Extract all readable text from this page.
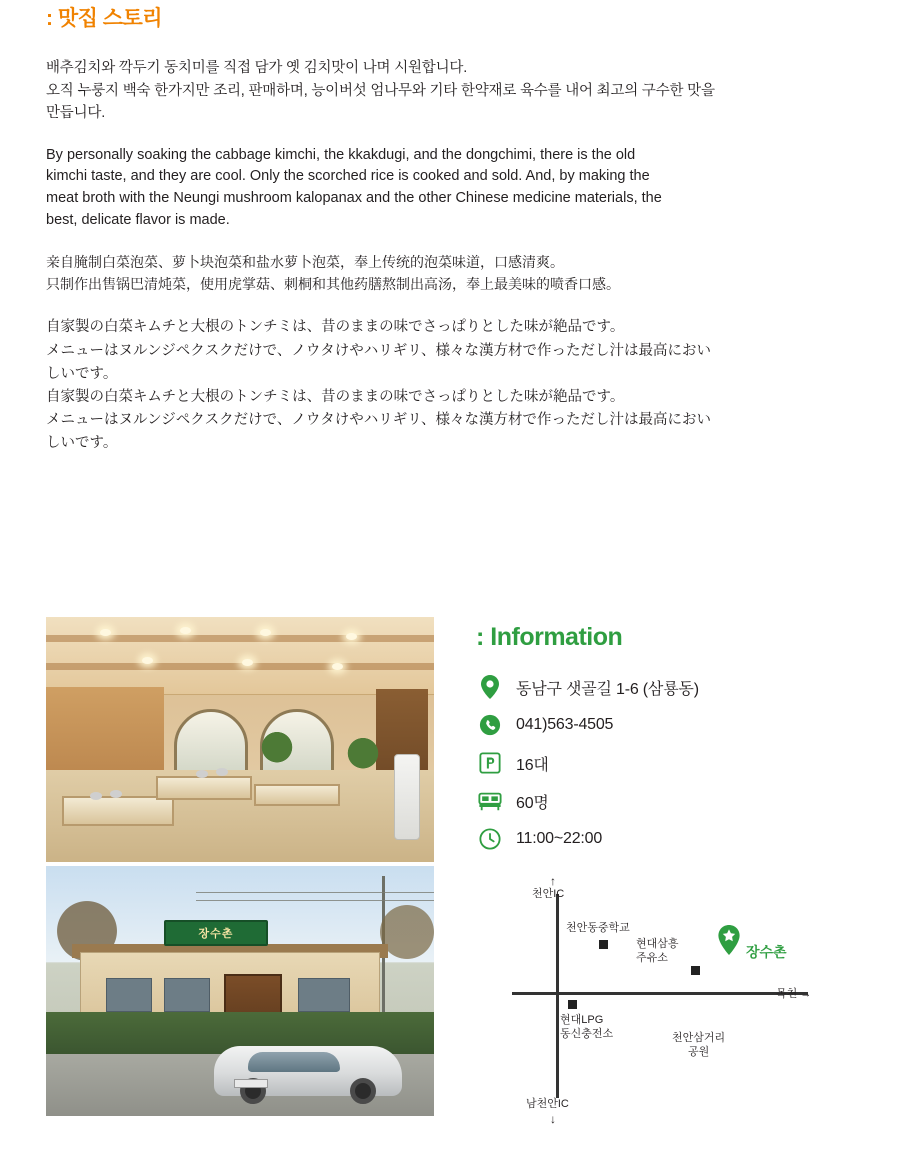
: 맛집 스토리

배추김치와 깍두기 동치미를 직접 담가 옛 김치맛이 나며 시원합니다.
오직 누룽지 백숙 한가지만 조리, 판매하며, 능이버섯 엄나무와 기타 한약재로 육수를 내어 최고의 구수한 맛을
만듭니다.

By personally soaking the cabbage kimchi, the kkakdugi, and the dongchimi, there is the old
kimchi taste, and they are cool. Only the scorched rice is cooked and sold. And, by making the
meat broth with the Neungi mushroom kalopanax and the other Chinese medicine materials, the
best, delicate flavor is made.

亲自腌制白菜泡菜、萝卜块泡菜和盐水萝卜泡菜，奉上传统的泡菜味道，口感清爽。
只制作出售锅巴清炖菜，使用虎掌菇、刺桐和其他药膳熬制出高汤，奉上最美味的喷香口感。

自家製の白菜キムチと大根のトンチミは、昔のままの味でさっぱりとした味が絶品です。
メニューはヌルンジペクスクだけで、ノウタけやハリギリ、様々な漢方材で作っただし汁は最高におい
しいです。
自家製の白菜キムチと大根のトンチミは、昔のままの味でさっぱりとした味が絶品です。
メニューはヌルンジペクスクだけで、ノウタけやハリギリ、様々な漢方材で作っただし汁は最高におい
しいです。

장수촌
: Information
동남구 샛골길 1-6 (삼룡동)
041)563-4505
16대
60명
11:00~22:00
↑
천안IC
남천안IC
↓
목천 →
천안동중학교
현대삼흥
주유소	장수촌
현대LPG
동신충전소	천안삼거리
공원
